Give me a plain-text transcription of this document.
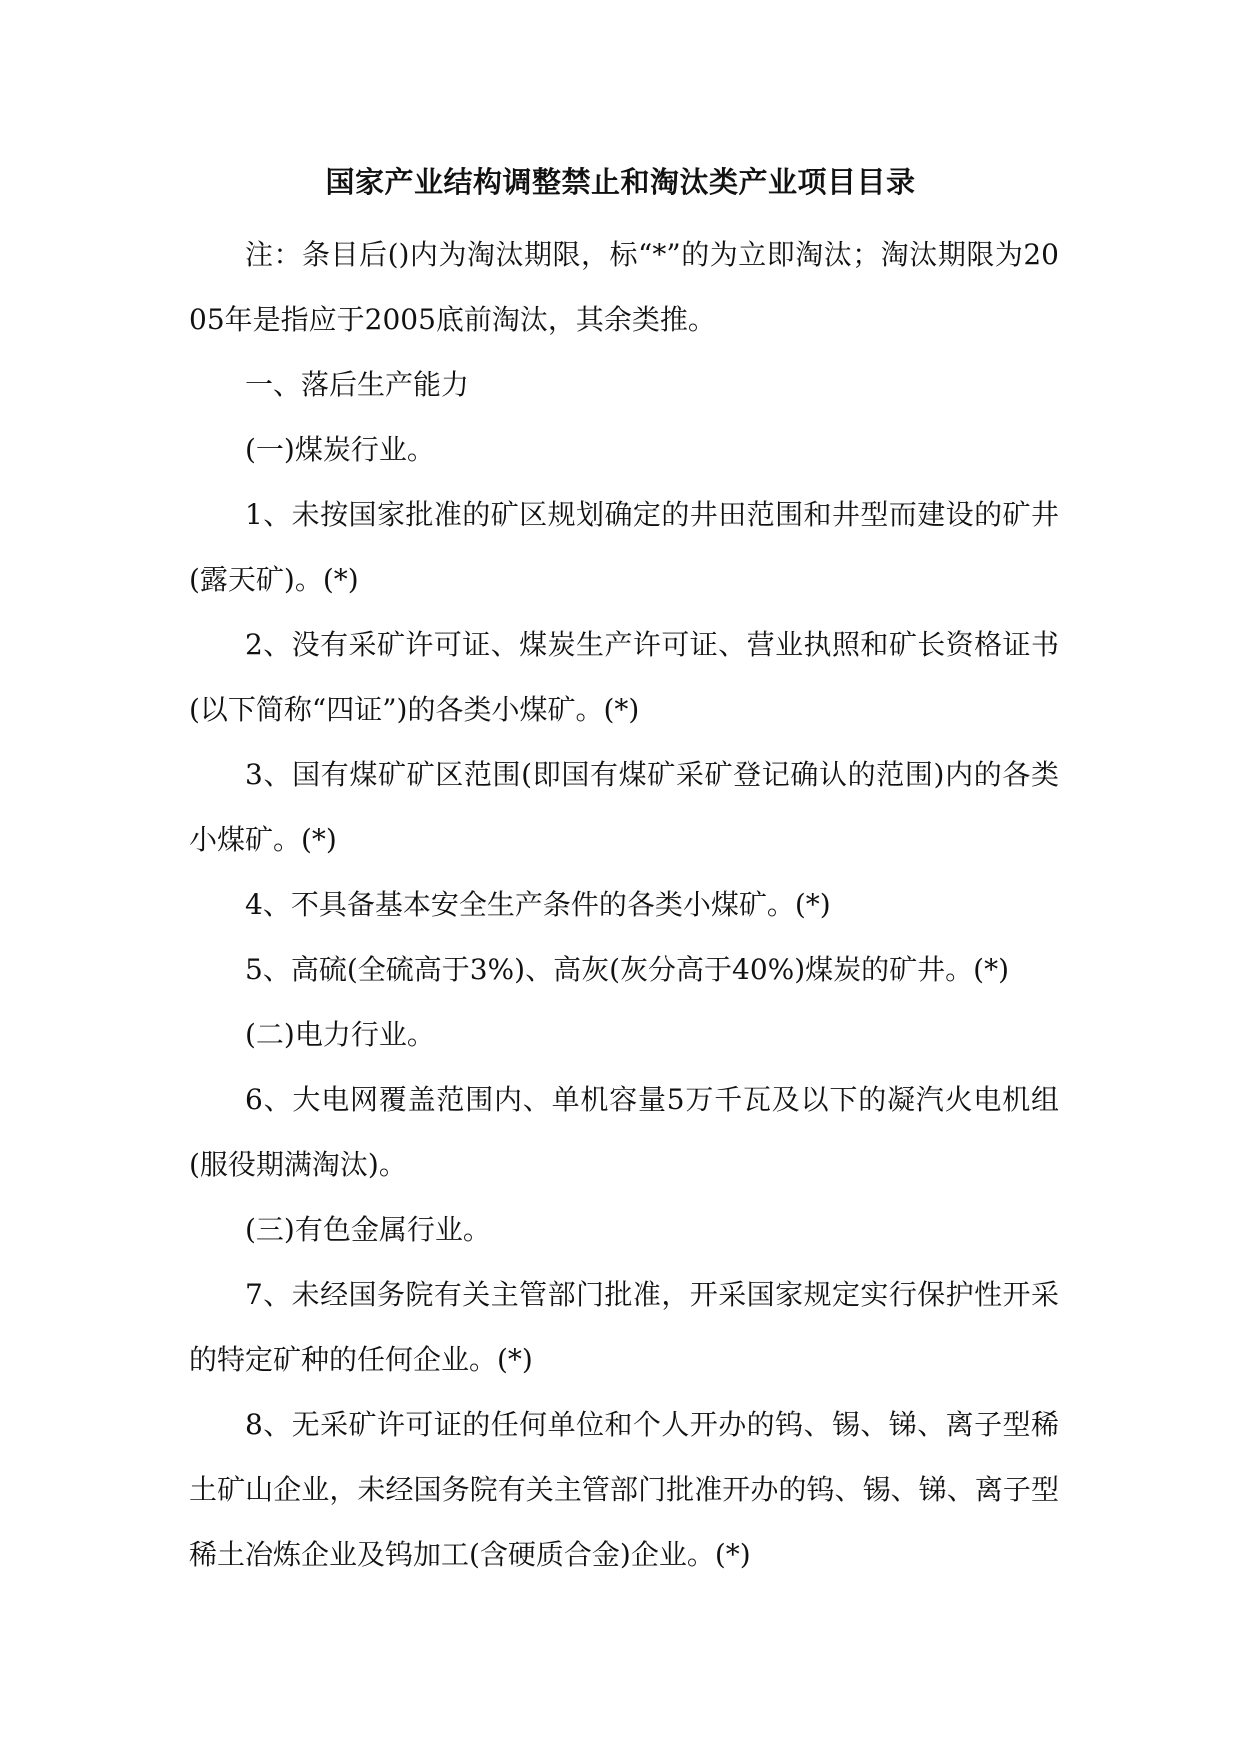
国家产业结构调整禁止和淘汰类产业项目目录

注：条目后()内为淘汰期限，标“*”的为立即淘汰；淘汰期限为2005年是指应于2005底前淘汰，其余类推。

一、落后生产能力

(一)煤炭行业。

1、未按国家批准的矿区规划确定的井田范围和井型而建设的矿井(露天矿)。(*)

2、没有采矿许可证、煤炭生产许可证、营业执照和矿长资格证书(以下简称“四证”)的各类小煤矿。(*)

3、国有煤矿矿区范围(即国有煤矿采矿登记确认的范围)内的各类小煤矿。(*)

4、不具备基本安全生产条件的各类小煤矿。(*)

5、高硫(全硫高于3%)、高灰(灰分高于40%)煤炭的矿井。(*)

(二)电力行业。

6、大电网覆盖范围内、单机容量5万千瓦及以下的凝汽火电机组(服役期满淘汰)。

(三)有色金属行业。

7、未经国务院有关主管部门批准，开采国家规定实行保护性开采的特定矿种的任何企业。(*)

8、无采矿许可证的任何单位和个人开办的钨、锡、锑、离子型稀土矿山企业，未经国务院有关主管部门批准开办的钨、锡、锑、离子型稀土冶炼企业及钨加工(含硬质合金)企业。(*)
